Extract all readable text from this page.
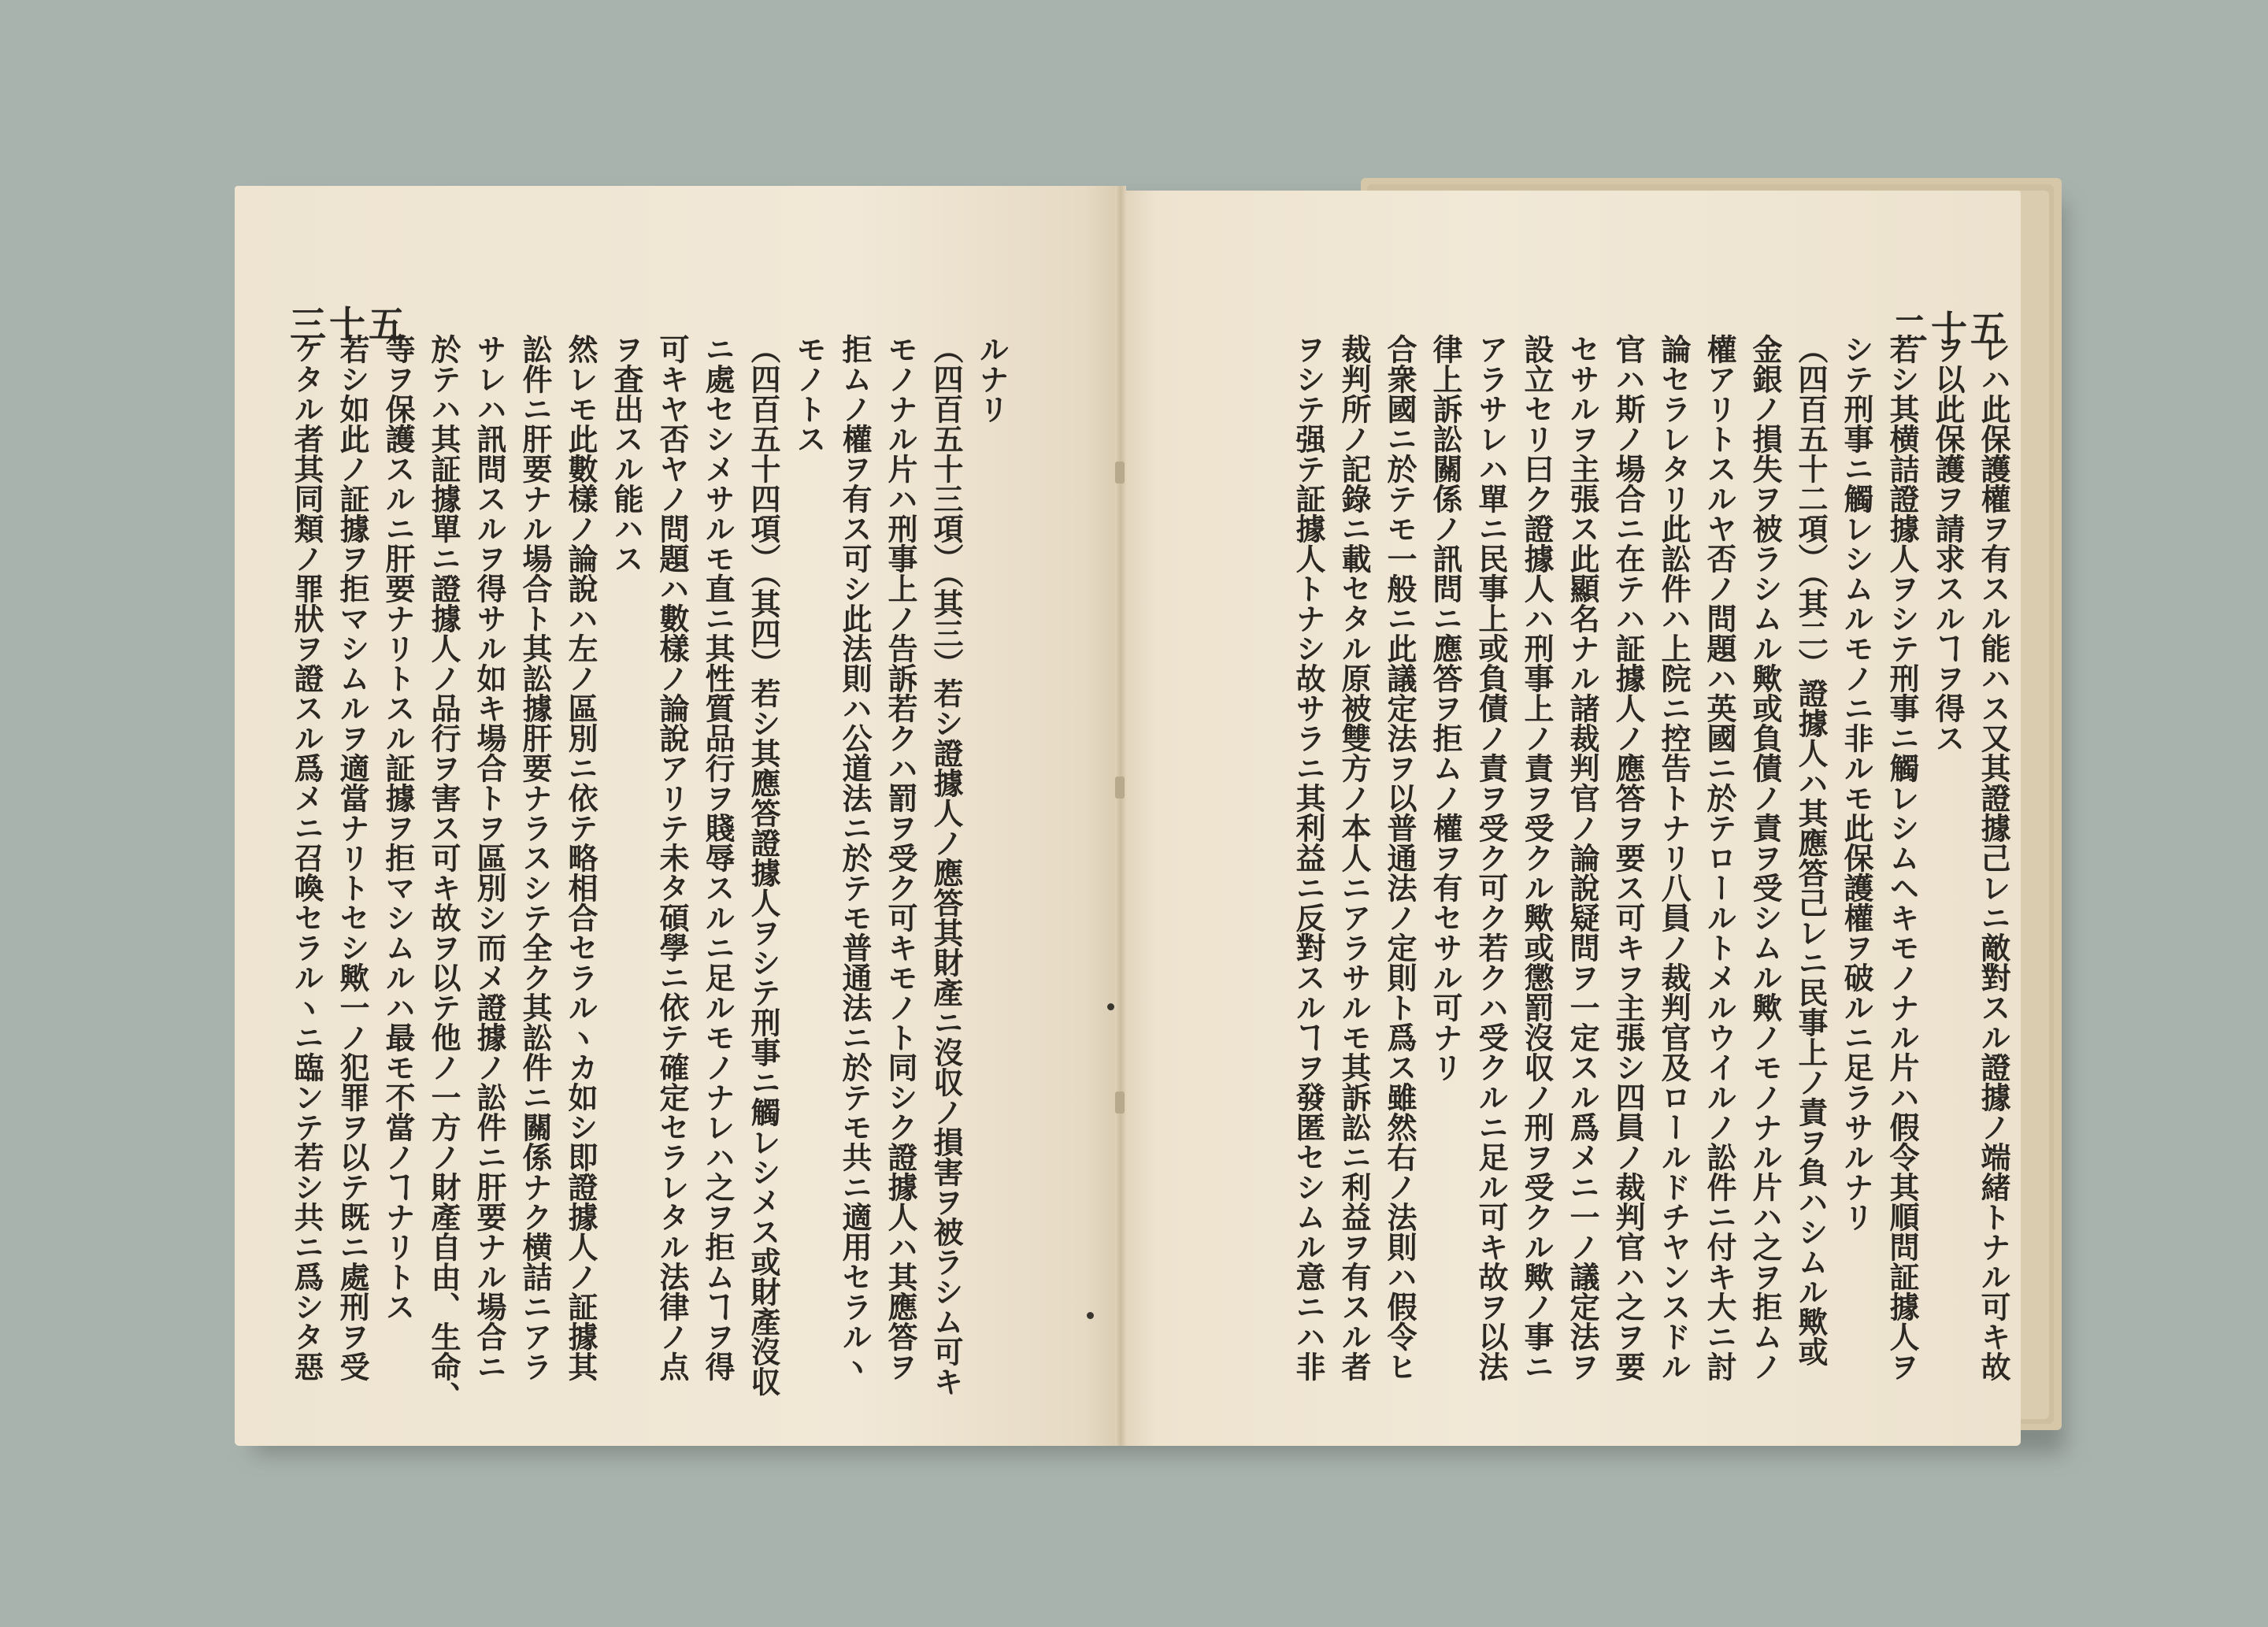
三十五	二十五

ルナリ

（四百五十三項）（其三）若シ證據人ノ應答其財產ニ沒収ノ損害ヲ被ラシム可キ

モノナル片ハ刑事上ノ告訴若クハ罰ヲ受ク可キモノト同シク證據人ハ其應答ヲ

拒ムノ權ヲ有ス可シ此法則ハ公道法ニ於テモ普通法ニ於テモ共ニ適用セラルヽ

モノトス

（四百五十四項）（其四）若シ其應答證據人ヲシテ刑事ニ觸レシメス或財產沒収

ニ處セシメサルモ直ニ其性質品行ヲ賤辱スルニ足ルモノナレハ之ヲ拒ムヿヲ得

可キヤ否ヤノ問題ハ數樣ノ論說アリテ未タ碩學ニ依テ確定セラレタル法律ノ点

ヲ査出スル能ハス

然レモ此數樣ノ論說ハ左ノ區別ニ依テ略相合セラルヽカ如シ即證據人ノ証據其

訟件ニ肝要ナル場合ト其訟據肝要ナラスシテ全ク其訟件ニ關係ナク横詰ニアラ

サレハ訊問スルヲ得サル如キ場合トヲ區別シ而メ證據ノ訟件ニ肝要ナル場合ニ

於テハ其証據單ニ證據人ノ品行ヲ害ス可キ故ヲ以テ他ノ一方ノ財產自由、生命、

等ヲ保護スルニ肝要ナリトスル証據ヲ拒マシムルハ最モ不當ノヿナリトス

若シ如此ノ証據ヲ拒マシムルヲ適當ナリトセシ歟一ノ犯罪ヲ以テ既ニ處刑ヲ受

ケタル者其同類ノ罪狀ヲ證スル爲メニ召喚セラルヽニ臨ンテ若シ共ニ爲シタ惡	レハ此保護權ヲ有スル能ハス又其證據己レニ敵對スル證據ノ端緒トナル可キ故

ヲ以此保護ヲ請求スルヿヲ得ス

若シ其横詰證據人ヲシテ刑事ニ觸レシムヘキモノナル片ハ假令其順問証據人ヲ

シテ刑事ニ觸レシムルモノニ非ルモ此保護權ヲ破ルニ足ラサルナリ

（四百五十二項）（其二）證據人ハ其應答己レニ民事上ノ責ヲ負ハシムル歟或

金銀ノ損失ヲ被ラシムル歟或負債ノ責ヲ受シムル歟ノモノナル片ハ之ヲ拒ムノ

權アリトスルヤ否ノ問題ハ英國ニ於テロールトメルウイルノ訟件ニ付キ大ニ討

論セラレタリ此訟件ハ上院ニ控告トナリ八員ノ裁判官及ロールドチヤンスドル

官ハ斯ノ場合ニ在テハ証據人ノ應答ヲ要ス可キヲ主張シ四員ノ裁判官ハ之ヲ要

セサルヲ主張ス此顯名ナル諸裁判官ノ論說疑問ヲ一定スル爲メニ一ノ議定法ヲ

設立セリ曰ク證據人ハ刑事上ノ責ヲ受クル歟或懲罰沒収ノ刑ヲ受クル歟ノ事ニ

アラサレハ單ニ民事上或負債ノ責ヲ受ク可ク若クハ受クルニ足ル可キ故ヲ以法

律上訴訟關係ノ訊問ニ應答ヲ拒ムノ權ヲ有セサル可ナリ

合衆國ニ於テモ一般ニ此議定法ヲ以普通法ノ定則ト爲ス雖然右ノ法則ハ假令ヒ

裁判所ノ記錄ニ載セタル原被雙方ノ本人ニアラサルモ其訴訟ニ利益ヲ有スル者

ヲシテ强テ証據人トナシ故サラニ其利益ニ反對スルヿヲ發匿セシムル意ニハ非
